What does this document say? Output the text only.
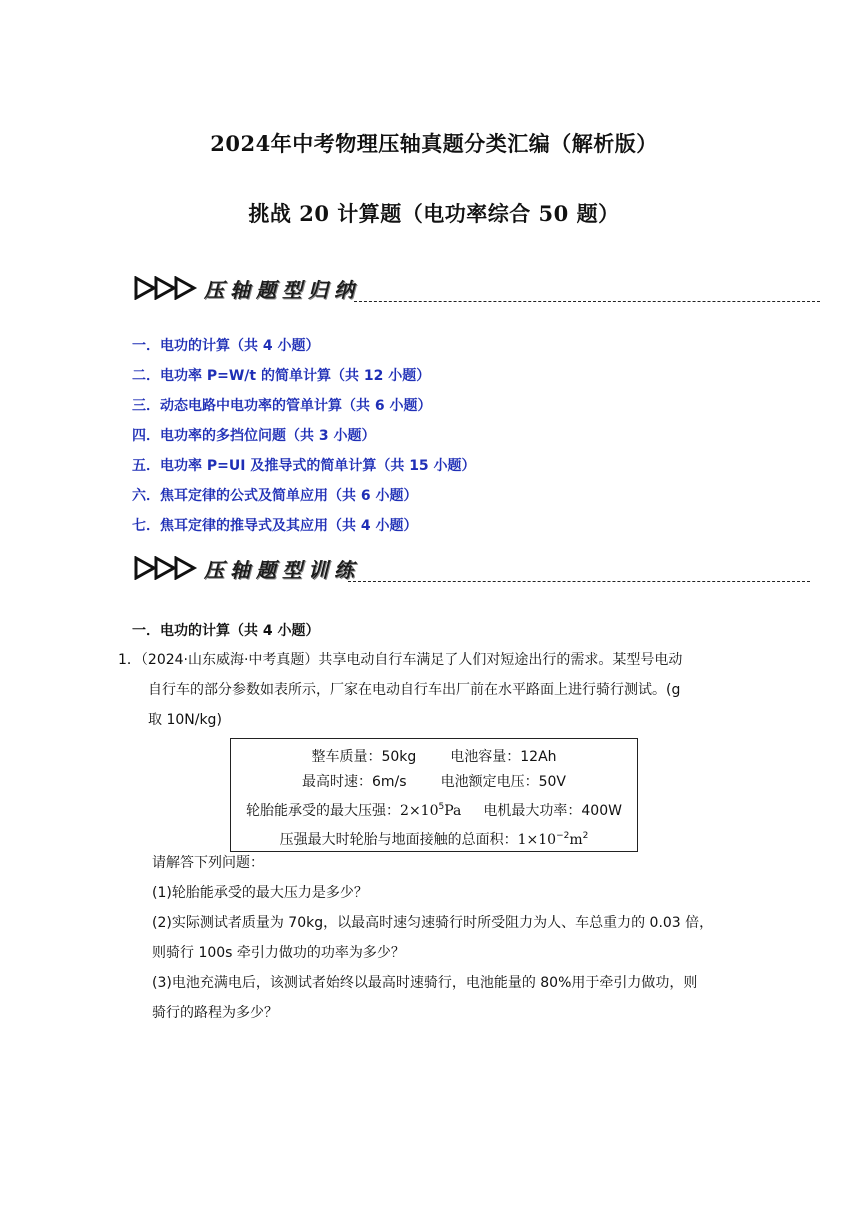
2024年中考物理压轴真题分类汇编（解析版）
挑战 20 计算题（电功率综合 50 题）
压轴题型归纳
一．电功的计算（共 4 小题）
二．电功率 P=W/t 的简单计算（共 12 小题）
三．动态电路中电功率的管单计算（共 6 小题）
四．电功率的多挡位问题（共 3 小题）
五．电功率 P=UI 及推导式的简单计算（共 15 小题）
六．焦耳定律的公式及简单应用（共 6 小题）
七．焦耳定律的推导式及其应用（共 4 小题）
压轴题型训练
一．电功的计算（共 4 小题）

1．（2024·山东威海·中考真题）共享电动自行车满足了人们对短途出行的需求。某型号电动

自行车的部分参数如表所示，厂家在电动自行车出厂前在水平路面上进行骑行测试。(g

取 10N/kg)

整车质量：50kg 电池容量：12Ah
最高时速：6m/s 电池额定电压：50V
轮胎能承受的最大压强：$2\times 10^5Pa$ 电机最大功率：400W
压强最大时轮胎与地面接触的总面积：$1\times 10^{-2}m^2$
请解答下列问题：
(1)轮胎能承受的最大压力是多少？
(2)实际测试者质量为 70kg，以最高时速匀速骑行时所受阻力为人、车总重力的 0.03 倍，
则骑行 100s 牵引力做功的功率为多少？
(3)电池充满电后，该测试者始终以最高时速骑行，电池能量的 80%用于牵引力做功，则
骑行的路程为多少？
